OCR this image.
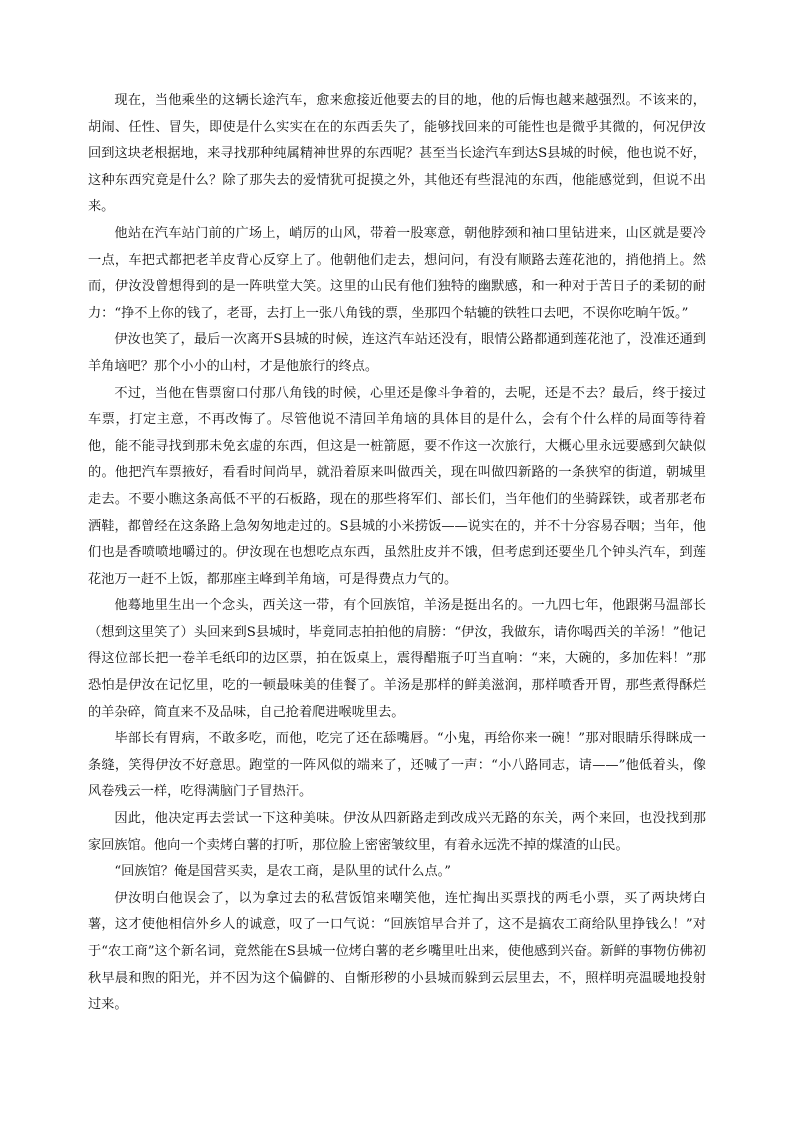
现在，当他乘坐的这辆长途汽车，愈来愈接近他要去的目的地，他的后悔也越来越强烈。不该来的，胡闹、任性、冒失，即使是什么实实在在的东西丢失了，能够找回来的可能性也是微乎其微的，何况伊汝回到这块老根据地，来寻找那种纯属精神世界的东西呢？甚至当长途汽车到达S县城的时候，他也说不好，这种东西究竟是什么？除了那失去的爱情犹可捉摸之外，其他还有些混沌的东西，他能感觉到，但说不出来。

他站在汽车站门前的广场上，峭厉的山风，带着一股寒意，朝他脖颈和袖口里钻进来，山区就是要冷一点，车把式都把老羊皮背心反穿上了。他朝他们走去，想问问，有没有顺路去莲花池的，捎他捎上。然而，伊汝没曾想得到的是一阵哄堂大笑。这里的山民有他们独特的幽默感，和一种对于苦日子的柔韧的耐力：“挣不上你的钱了，老哥，去打上一张八角钱的票，坐那四个轱辘的铁牲口去吧，不误你吃晌午饭。”

伊汝也笑了，最后一次离开S县城的时候，连这汽车站还没有，眼情公路都通到莲花池了，没准还通到羊角垴吧？那个小小的山村，才是他旅行的终点。

不过，当他在售票窗口付那八角钱的时候，心里还是像斗争着的，去呢，还是不去？最后，终于接过车票，打定主意，不再改悔了。尽管他说不清回羊角垴的具体目的是什么，会有个什么样的局面等待着他，能不能寻找到那未免玄虚的东西，但这是一桩箭愿，要不作这一次旅行，大概心里永远要感到欠缺似的。他把汽车票掖好，看看时间尚早，就沿着原来叫做西关，现在叫做四新路的一条狭窄的街道，朝城里走去。不要小瞧这条高低不平的石板路，现在的那些将军们、部长们，当年他们的坐骑踩铁，或者那老布洒鞋，都曾经在这条路上急匆匆地走过的。S县城的小米捞饭——说实在的，并不十分容易吞咽；当年，他们也是香喷喷地嚼过的。伊汝现在也想吃点东西，虽然肚皮并不饿，但考虑到还要坐几个钟头汽车，到莲花池万一赶不上饭，都那座主峰到羊角垴，可是得费点力气的。

他蓦地里生出一个念头，西关这一带，有个回族馆，羊汤是挺出名的。一九四七年，他跟粥马温部长（想到这里笑了）头回来到S县城时，毕竟同志拍拍他的肩膀：“伊汝，我做东，请你喝西关的羊汤！”他记得这位部长把一卷羊毛纸印的边区票，拍在饭桌上，震得醋瓶子叮当直响：“来，大碗的，多加佐料！”那恐怕是伊汝在记忆里，吃的一顿最味美的佳餐了。羊汤是那样的鲜美滋润，那样喷香开胃，那些煮得酥烂的羊杂碎，简直来不及品味，自己抢着爬进喉咙里去。

毕部长有胃病，不敢多吃，而他，吃完了还在舔嘴唇。“小鬼，再给你来一碗！”那对眼睛乐得眯成一条缝，笑得伊汝不好意思。跑堂的一阵风似的端来了，还喊了一声：“小八路同志，请——”他低着头，像风卷残云一样，吃得满脑门子冒热汗。

因此，他决定再去尝试一下这种美味。伊汝从四新路走到改成兴无路的东关，两个来回，也没找到那家回族馆。他向一个卖烤白薯的打听，那位脸上密密皱纹里，有着永远洗不掉的煤渣的山民。

“回族馆？俺是国营买卖，是农工商，是队里的试什么点。”

伊汝明白他误会了，以为拿过去的私营饭馆来嘲笑他，连忙掏出买票找的两毛小票，买了两块烤白薯，这才使他相信外乡人的诚意，叹了一口气说：“回族馆早合并了，这不是搞农工商给队里挣钱么！”对于“农工商”这个新名词，竟然能在S县城一位烤白薯的老乡嘴里吐出来，使他感到兴奋。新鲜的事物仿佛初秋早晨和煦的阳光，并不因为这个偏僻的、自惭形秽的小县城而躲到云层里去，不，照样明亮温暖地投射过来。
